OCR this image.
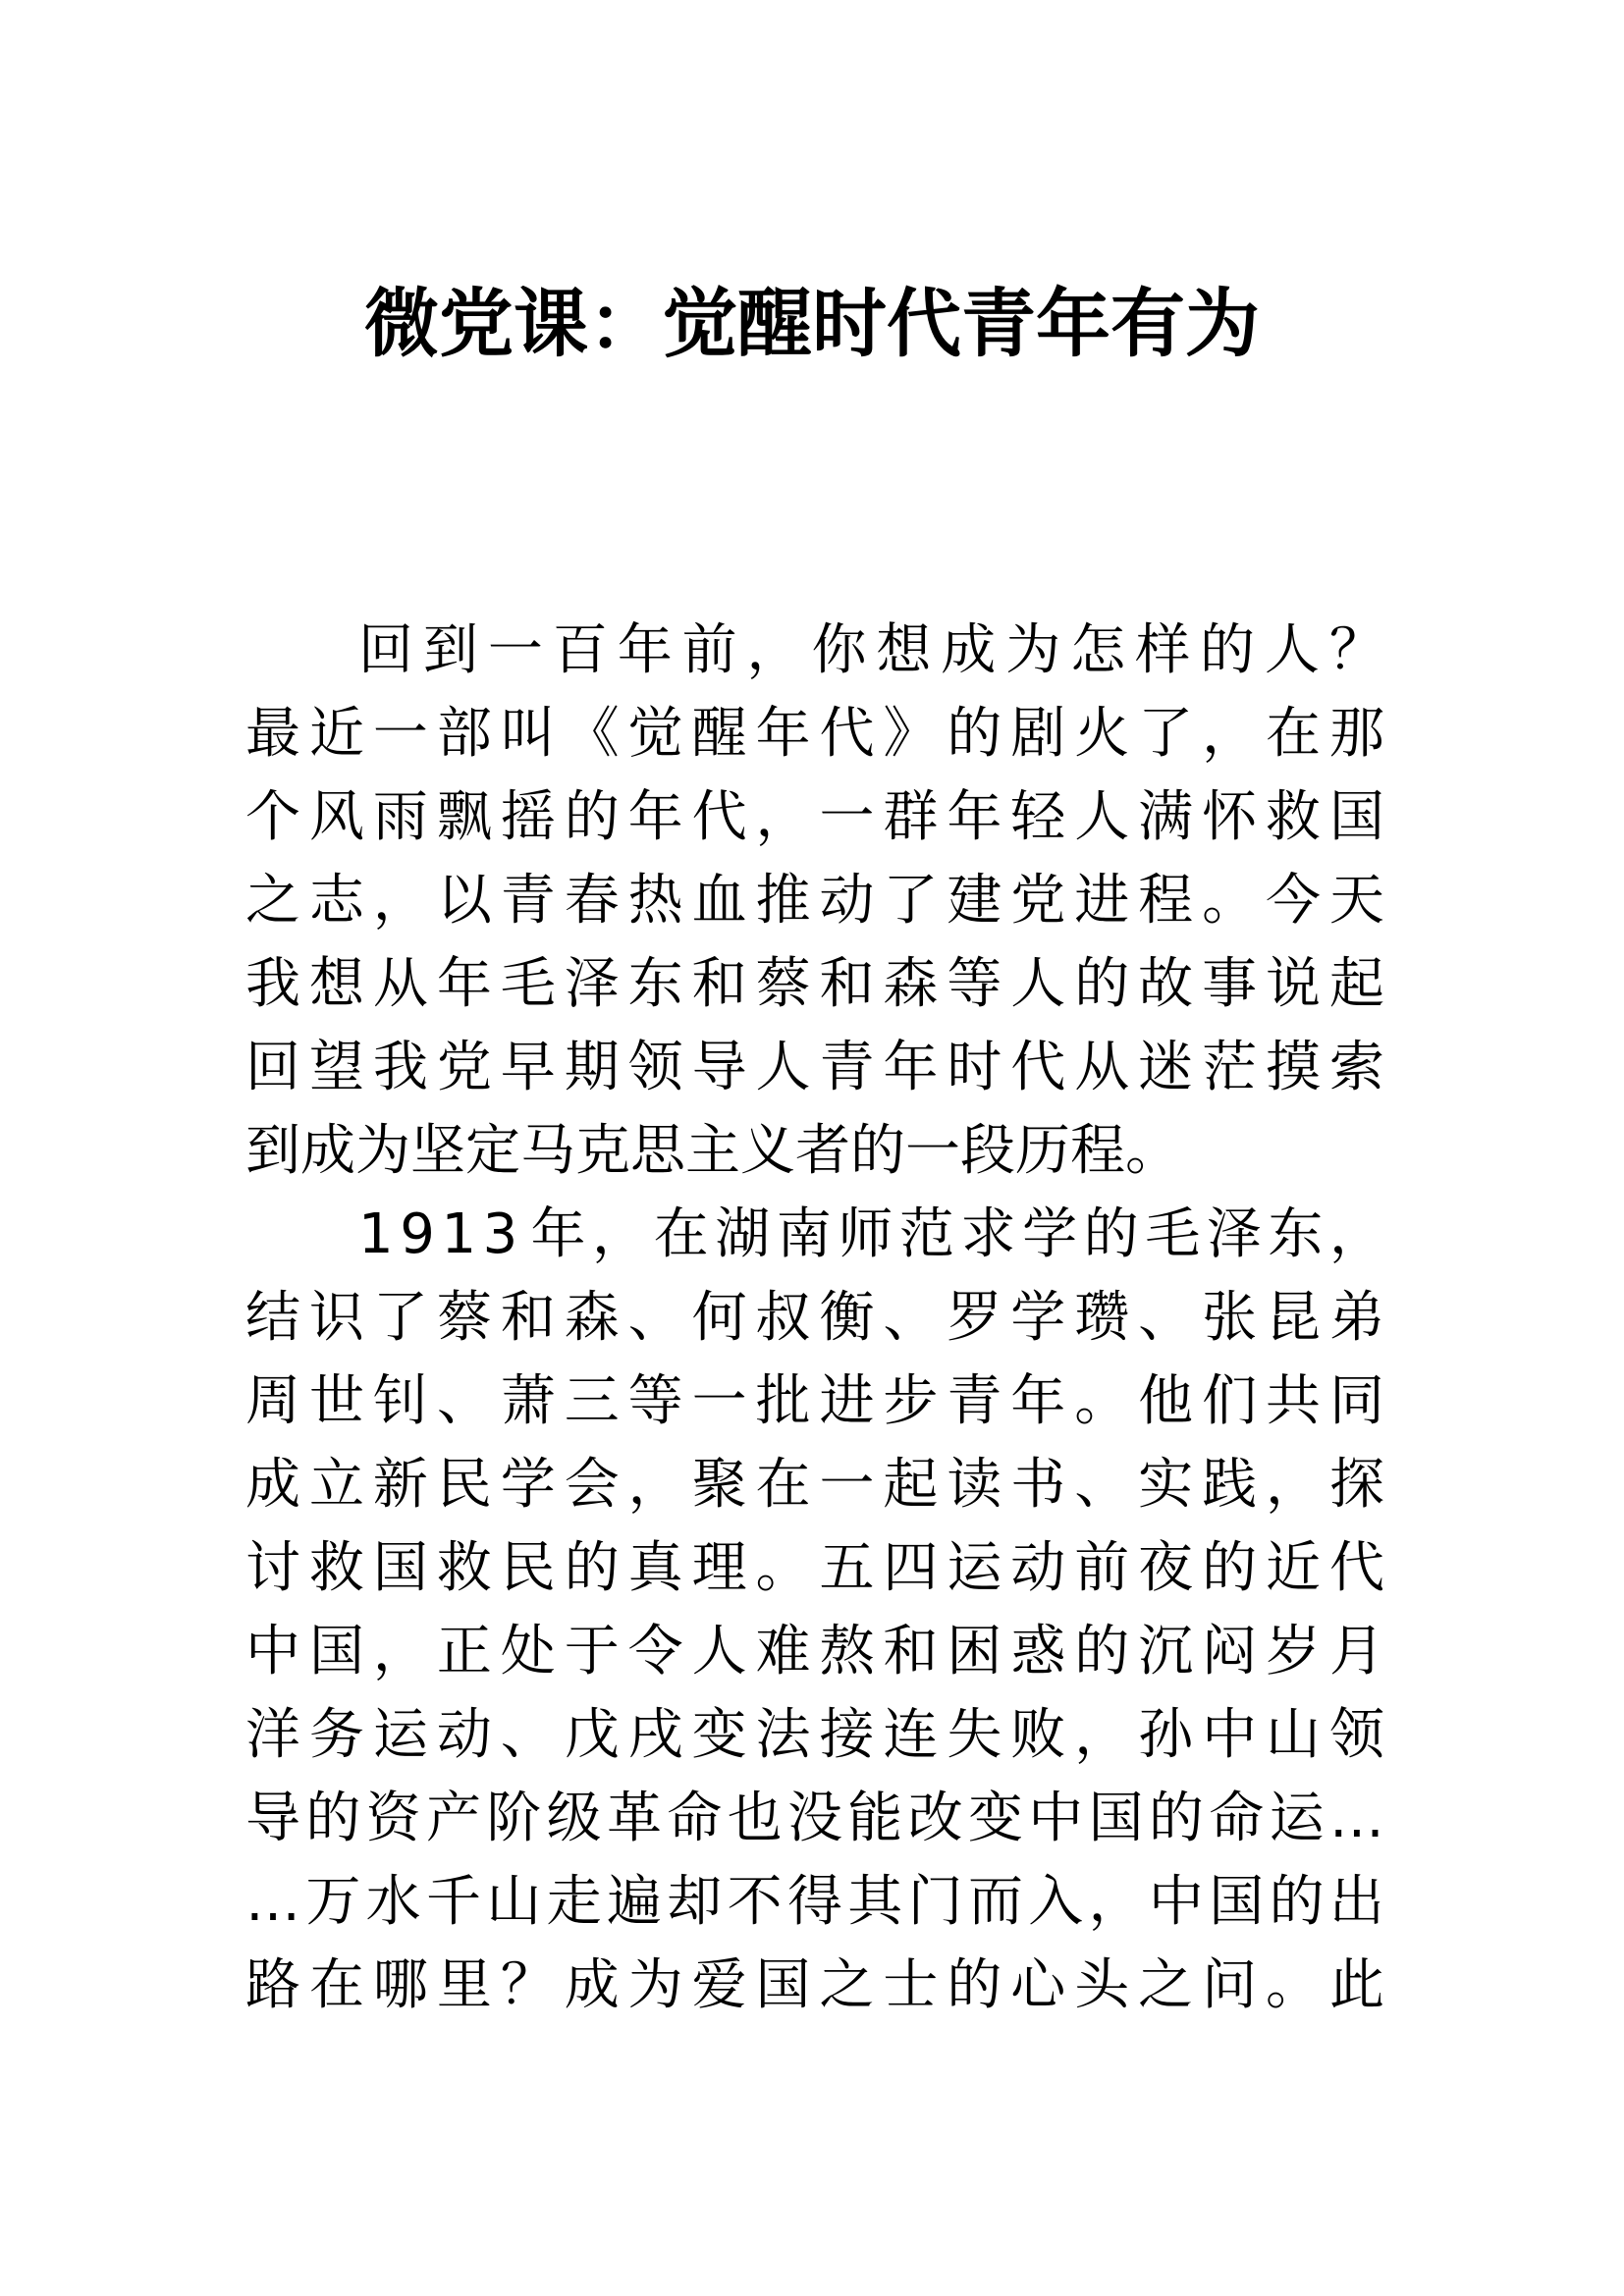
微党课：觉醒时代青年有为
回 到 一 百 年 前 ， 你 想 成 为 怎 样 的 人 ？
最 近 一 部 叫 《 觉 醒 年 代 》 的 剧 火 了 ， 在 那
个 风 雨 飘 摇 的 年 代 ， 一 群 年 轻 人 满 怀 救 国
之 志 ， 以 青 春 热 血 推 动 了 建 党 进 程 。 今 天
我 想 从 年 毛 泽 东 和 蔡 和 森 等 人 的 故 事 说 起
回 望 我 党 早 期 领 导 人 青 年 时 代 从 迷 茫 摸 索
到成为坚定马克思主义者的一段历程。
1 9 1 3 年 ， 在 湖 南 师 范 求 学 的 毛 泽 东 ，
结 识 了 蔡 和 森 、 何 叔 衡 、 罗 学 瓒 、 张 昆 弟
周 世 钊 、 萧 三 等 一 批 进 步 青 年 。 他 们 共 同
成 立 新 民 学 会 ， 聚 在 一 起 读 书 、 实 践 ， 探
讨 救 国 救 民 的 真 理 。 五 四 运 动 前 夜 的 近 代
中 国 ， 正 处 于 令 人 难 熬 和 困 惑 的 沉 闷 岁 月
洋 务 运 动 、 戊 戌 变 法 接 连 失 败 ， 孙 中 山 领
导 的 资 产 阶 级 革 命 也 没 能 改 变 中 国 的 命 运 …
… 万 水 千 山 走 遍 却 不 得 其 门 而 入 ， 中 国 的 出
路 在 哪 里 ？ 成 为 爱 国 之 士 的 心 头 之 问 。 此
